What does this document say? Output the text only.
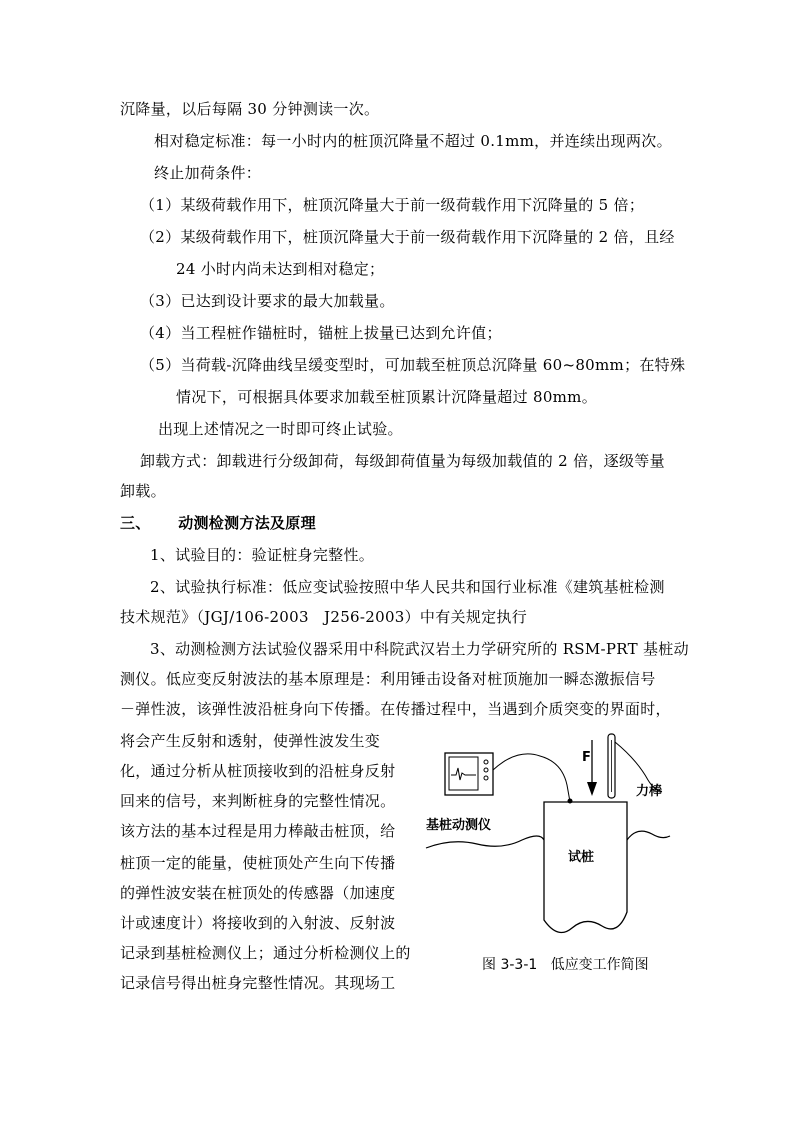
沉降量，以后每隔 30 分钟测读一次。
相对稳定标准：每一小时内的桩顶沉降量不超过 0.1mm，并连续出现两次。
终止加荷条件：
（1）某级荷载作用下，桩顶沉降量大于前一级荷载作用下沉降量的 5 倍；
（2）某级荷载作用下，桩顶沉降量大于前一级荷载作用下沉降量的 2 倍，且经
24 小时内尚未达到相对稳定；
（3）已达到设计要求的最大加载量。
（4）当工程桩作锚桩时，锚桩上拔量已达到允许值；
（5）当荷载-沉降曲线呈缓变型时，可加载至桩顶总沉降量 60~80mm；在特殊
情况下，可根据具体要求加载至桩顶累计沉降量超过 80mm。
出现上述情况之一时即可终止试验。
卸载方式：卸载进行分级卸荷，每级卸荷值量为每级加载值的 2 倍，逐级等量
卸载。
三、     动测检测方法及原理
1、试验目的：验证桩身完整性。
2、试验执行标准：低应变试验按照中华人民共和国行业标准《建筑基桩检测
技术规范》（JGJ/106-2003   J256-2003）中有关规定执行
3、动测检测方法试验仪器采用中科院武汉岩土力学研究所的 RSM-PRT 基桩动
测仪。低应变反射波法的基本原理是：利用锤击设备对桩顶施加一瞬态激振信号
－弹性波，该弹性波沿桩身向下传播。在传播过程中，当遇到介质突变的界面时，
将会产生反射和透射，使弹性波发生变
化，通过分析从桩顶接收到的沿桩身反射
回来的信号，来判断桩身的完整性情况。
该方法的基本过程是用力棒敲击桩顶，给
桩顶一定的能量，使桩顶处产生向下传播
的弹性波安装在桩顶处的传感器（加速度
计或速度计）将接收到的入射波、反射波
记录到基桩检测仪上；通过分析检测仪上的
记录信号得出桩身完整性情况。其现场工
F
力棒
基桩动测仪
试桩
图 3-3-1   低应变工作简图
